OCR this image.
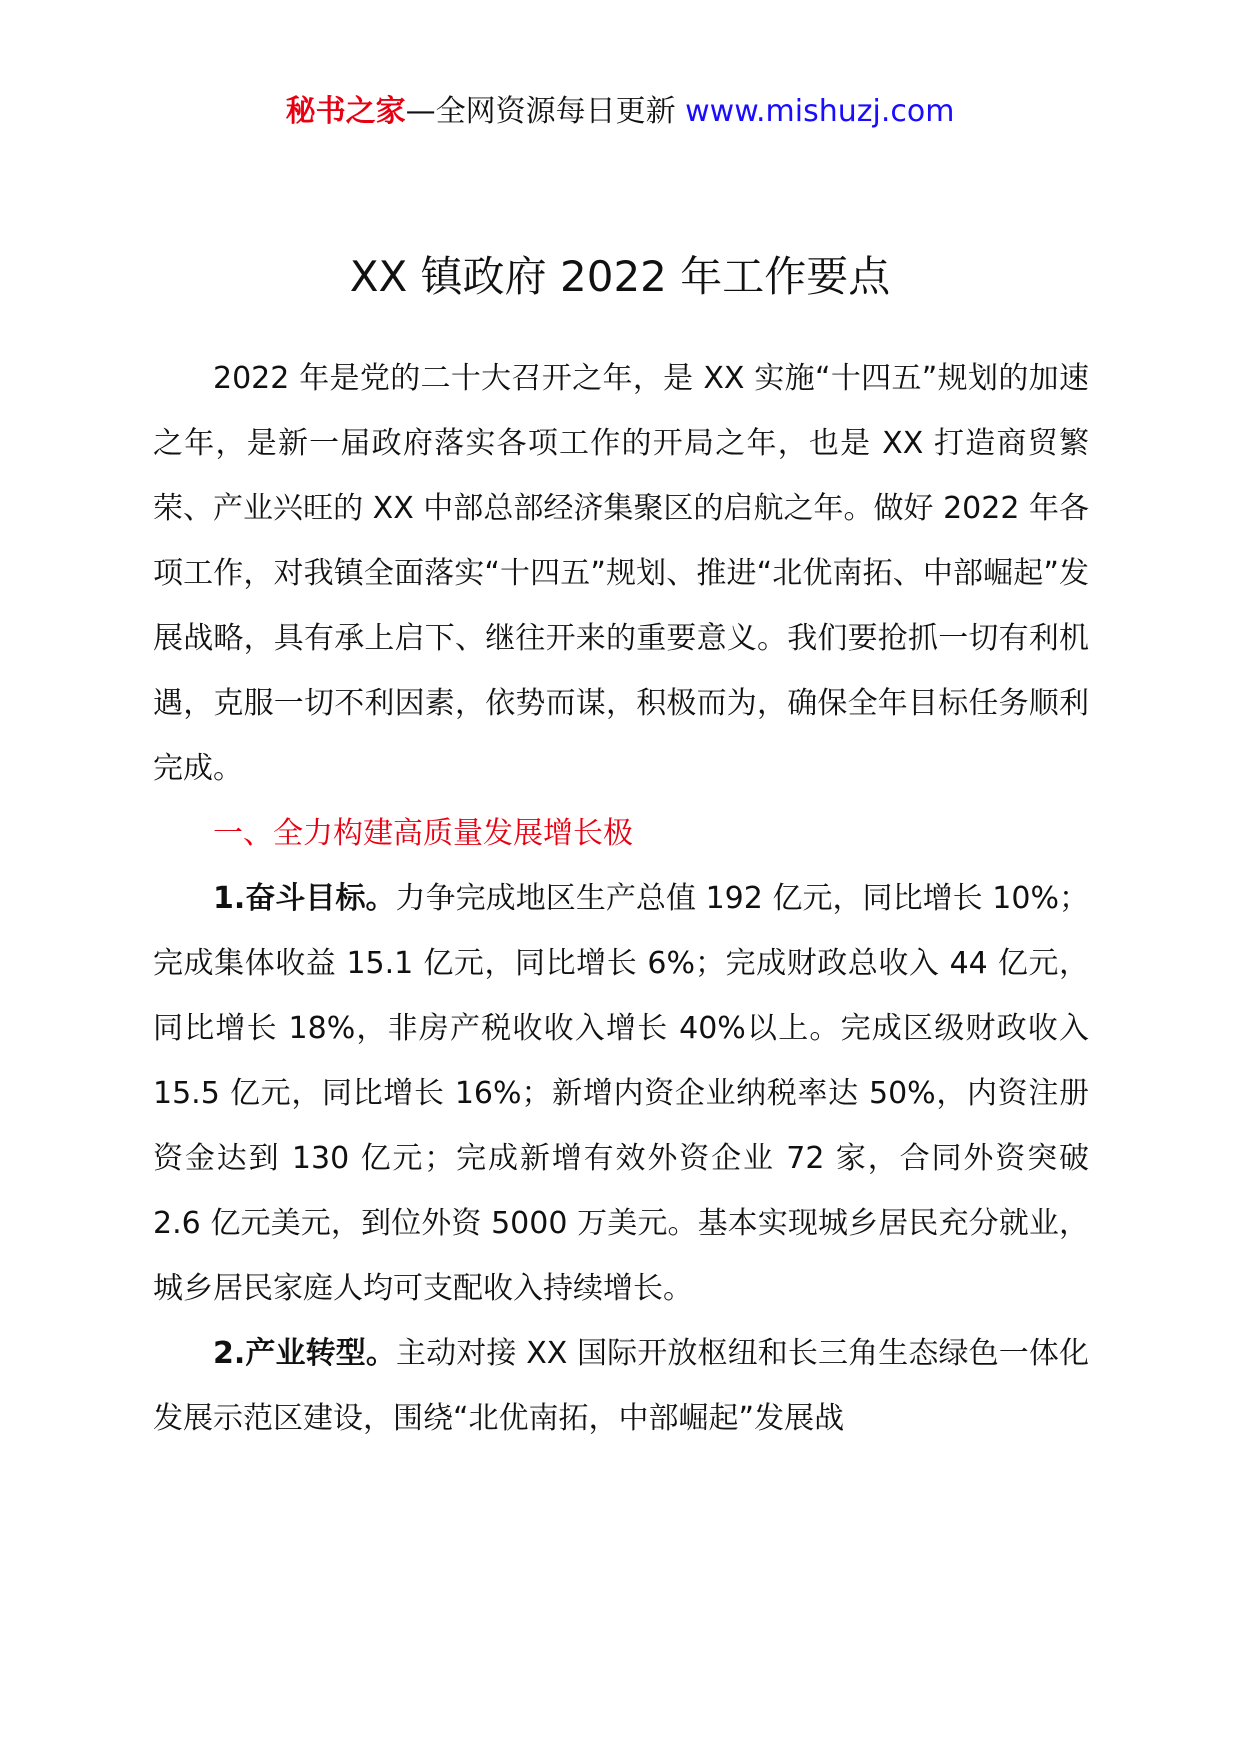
秘书之家—全网资源每日更新 www.mishuzj.com
XX 镇政府 2022 年工作要点

2022 年是党的二十大召开之年，是 XX 实施“十四五”规划的加速之年，是新一届政府落实各项工作的开局之年，也是 XX 打造商贸繁荣、产业兴旺的 XX 中部总部经济集聚区的启航之年。做好 2022 年各项工作，对我镇全面落实“十四五”规划、推进“北优南拓、中部崛起”发展战略，具有承上启下、继往开来的重要意义。我们要抢抓一切有利机遇，克服一切不利因素，依势而谋，积极而为，确保全年目标任务顺利完成。

一、全力构建高质量发展增长极

1.奋斗目标。力争完成地区生产总值 192 亿元，同比增长 10%；完成集体收益 15.1 亿元，同比增长 6%；完成财政总收入 44 亿元，同比增长 18%，非房产税收收入增长 40%以上。完成区级财政收入 15.5 亿元，同比增长 16%；新增内资企业纳税率达 50%，内资注册资金达到 130 亿元；完成新增有效外资企业 72 家，合同外资突破 2.6 亿元美元，到位外资 5000 万美元。基本实现城乡居民充分就业，城乡居民家庭人均可支配收入持续增长。

2.产业转型。主动对接 XX 国际开放枢纽和长三角生态绿色一体化发展示范区建设，围绕“北优南拓，中部崛起”发展战
